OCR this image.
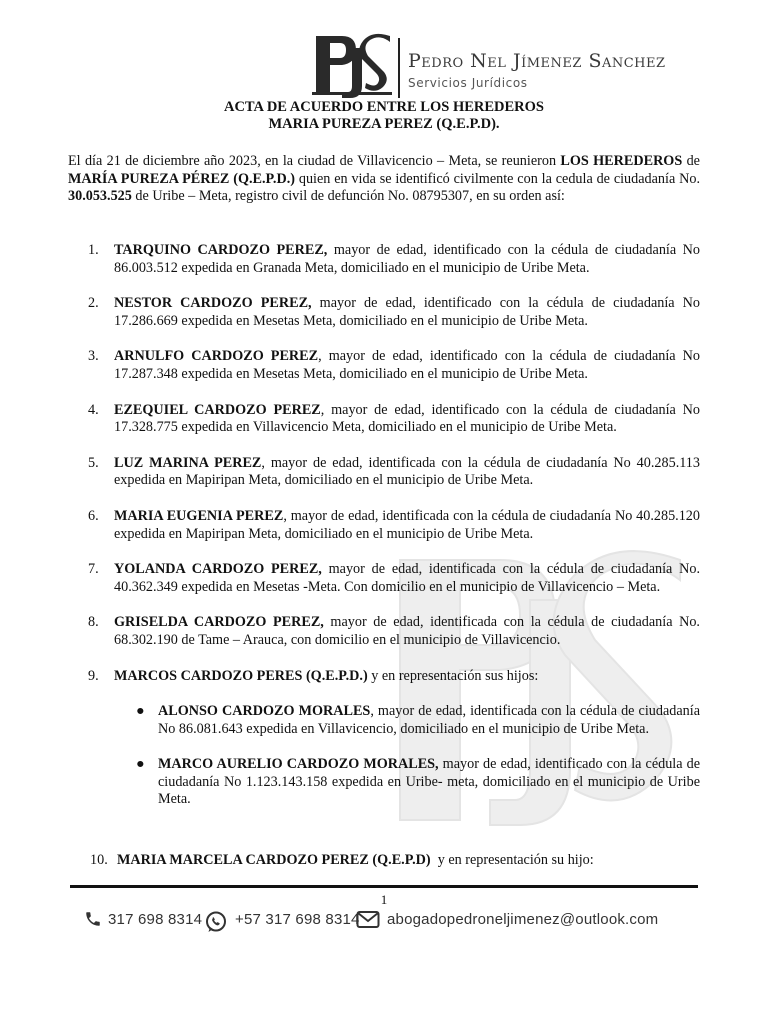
Pedro Nel Jímenez Sanchez
Servicios Jurídicos
ACTA DE ACUERDO ENTRE LOS HEREDEROS
MARIA PUREZA PEREZ (Q.E.P.D).
El día 21 de diciembre año 2023, en la ciudad de Villavicencio – Meta, se reunieron LOS HEREDEROS de MARÍA PUREZA PÉREZ (Q.E.P.D.) quien en vida se identificó civilmente con la cedula de ciudadanía No. 30.053.525 de Uribe – Meta, registro civil de defunción No. 08795307, en su orden así:
1. TARQUINO CARDOZO PEREZ, mayor de edad, identificado con la cédula de ciudadanía No 86.003.512 expedida en Granada Meta, domiciliado en el municipio de Uribe Meta.
2. NESTOR CARDOZO PEREZ, mayor de edad, identificado con la cédula de ciudadanía No 17.286.669 expedida en Mesetas Meta, domiciliado en el municipio de Uribe Meta.
3. ARNULFO CARDOZO PEREZ, mayor de edad, identificado con la cédula de ciudadanía No 17.287.348 expedida en Mesetas Meta, domiciliado en el municipio de Uribe Meta.
4. EZEQUIEL CARDOZO PEREZ, mayor de edad, identificado con la cédula de ciudadanía No 17.328.775 expedida en Villavicencio Meta, domiciliado en el municipio de Uribe Meta.
5. LUZ MARINA PEREZ, mayor de edad, identificada con la cédula de ciudadanía No 40.285.113 expedida en Mapiripan Meta, domiciliado en el municipio de Uribe Meta.
6. MARIA EUGENIA PEREZ, mayor de edad, identificada con la cédula de ciudadanía No 40.285.120 expedida en Mapiripan Meta, domiciliado en el municipio de Uribe Meta.
7. YOLANDA CARDOZO PEREZ, mayor de edad, identificada con la cédula de ciudadanía No. 40.362.349 expedida en Mesetas -Meta. Con domicilio en el municipio de Villavicencio – Meta.
8. GRISELDA CARDOZO PEREZ, mayor de edad, identificada con la cédula de ciudadanía No. 68.302.190 de Tame – Arauca, con domicilio en el municipio de Villavicencio.
9. MARCOS CARDOZO PERES (Q.E.P.D.) y en representación sus hijos:
● ALONSO CARDOZO MORALES, mayor de edad, identificada con la cédula de ciudadanía No 86.081.643 expedida en Villavicencio, domiciliado en el municipio de Uribe Meta.
● MARCO AURELIO CARDOZO MORALES, mayor de edad, identificado con la cédula de ciudadanía No 1.123.143.158 expedida en Uribe- meta, domiciliado en el municipio de Uribe Meta.
10. MARIA MARCELA CARDOZO PEREZ (Q.E.P.D)  y en representación su hijo:
1
317 698 8314 +57 317 698 8314 abogadopedroneljimenez@outlook.com
